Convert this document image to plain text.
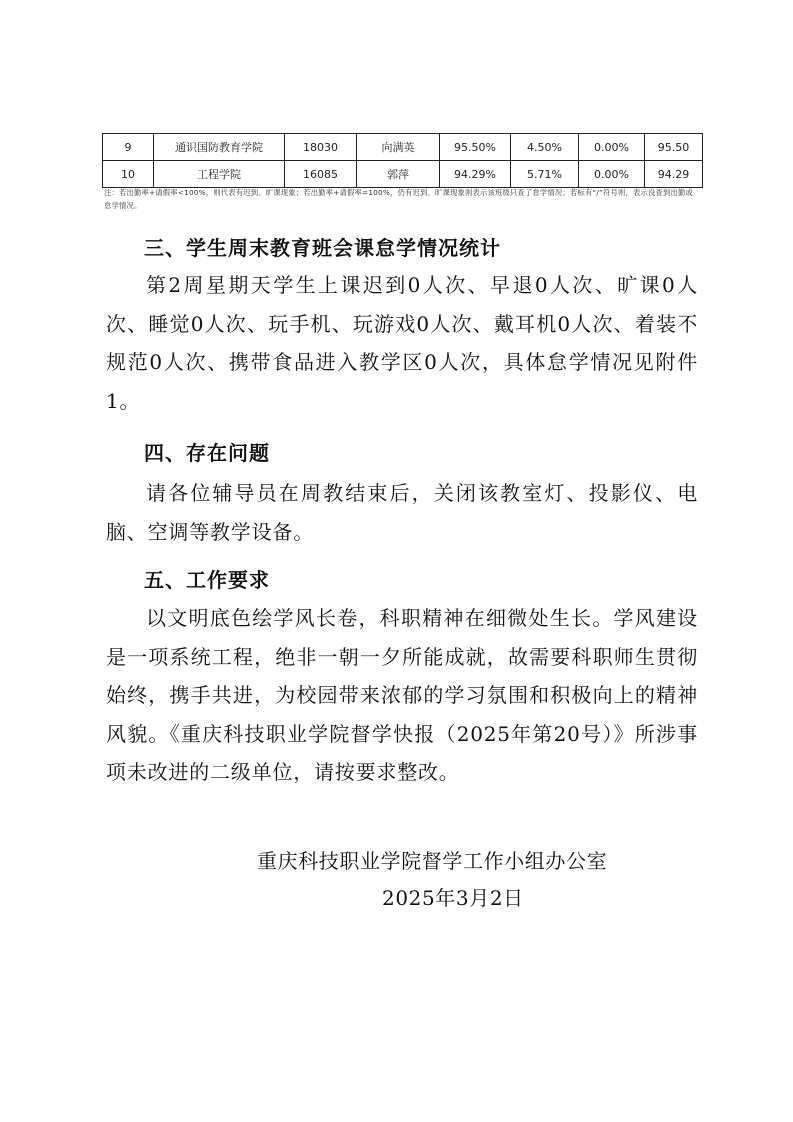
9	通识国防教育学院	18030	向满英	95.50%	4.50%	0.00%	95.50
10	工程学院	16085	郭萍	94.29%	5.71%	0.00%	94.29
注：若出勤率+请假率<100%，则代表有迟到、旷课现象；若出勤率+请假率=100%，仍有迟到、旷课现象则表示该班级只查了怠学情况；若标有“/”符号则，表示没查到出勤或怠学情况。
三、学生周末教育班会课怠学情况统计
第2周星期天学生上课迟到0人次、早退0人次、旷课0人次、睡觉0人次、玩手机、玩游戏0人次、戴耳机0人次、着装不规范0人次、携带食品进入教学区0人次，具体怠学情况见附件1。
四、存在问题
请各位辅导员在周教结束后，关闭该教室灯、投影仪、电脑、空调等教学设备。
五、工作要求
以文明底色绘学风长卷，科职精神在细微处生长。学风建设是一项系统工程，绝非一朝一夕所能成就，故需要科职师生贯彻始终，携手共进，为校园带来浓郁的学习氛围和积极向上的精神风貌。《重庆科技职业学院督学快报（2025年第20号）》所涉事项未改进的二级单位，请按要求整改。
重庆科技职业学院督学工作小组办公室
2025年3月2日
